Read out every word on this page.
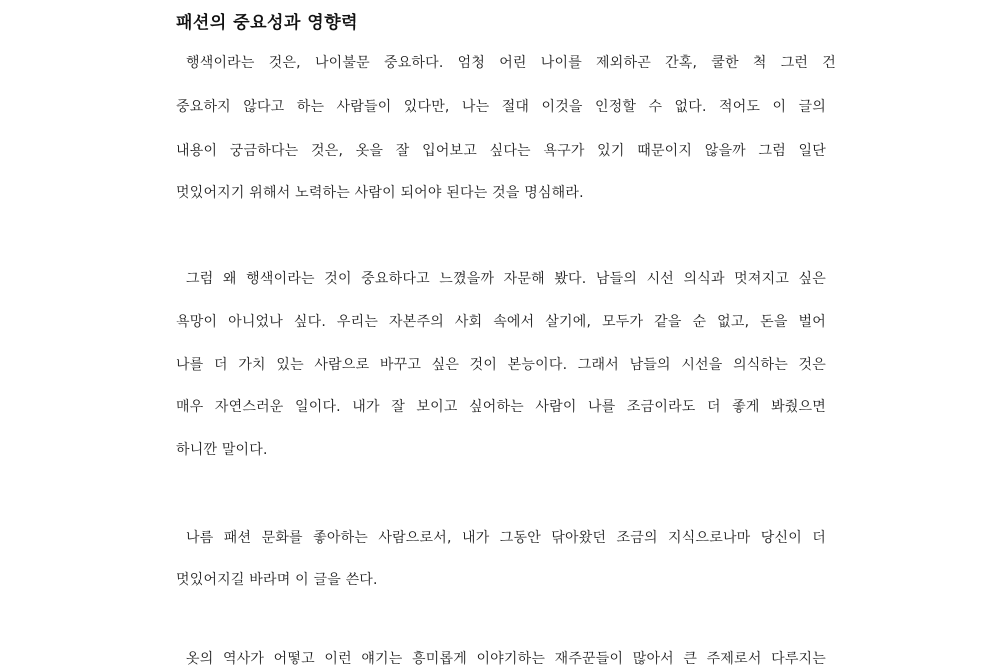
패션의 중요성과 영향력
행색이라는 것은, 나이불문 중요하다. 엄청 어린 나이를 제외하곤 간혹, 쿨한 척 그런 건
중요하지 않다고 하는 사람들이 있다만, 나는 절대 이것을 인정할 수 없다. 적어도 이 글의
내용이 궁금하다는 것은, 옷을 잘 입어보고 싶다는 욕구가 있기 때문이지 않을까 그럼 일단
멋있어지기 위해서 노력하는 사람이 되어야 된다는 것을 명심해라.
그럼 왜 행색이라는 것이 중요하다고 느꼈을까 자문해 봤다. 남들의 시선 의식과 멋져지고 싶은
욕망이 아니었나 싶다. 우리는 자본주의 사회 속에서 살기에, 모두가 같을 순 없고, 돈을 벌어
나를 더 가치 있는 사람으로 바꾸고 싶은 것이 본능이다. 그래서 남들의 시선을 의식하는 것은
매우 자연스러운 일이다. 내가 잘 보이고 싶어하는 사람이 나를 조금이라도 더 좋게 봐줬으면
하니깐 말이다.
나름 패션 문화를 좋아하는 사람으로서, 내가 그동안 닦아왔던 조금의 지식으로나마 당신이 더
멋있어지길 바라며 이 글을 쓴다.
옷의 역사가 어떻고 이런 얘기는 흥미롭게 이야기하는 재주꾼들이 많아서 큰 주제로서 다루지는
